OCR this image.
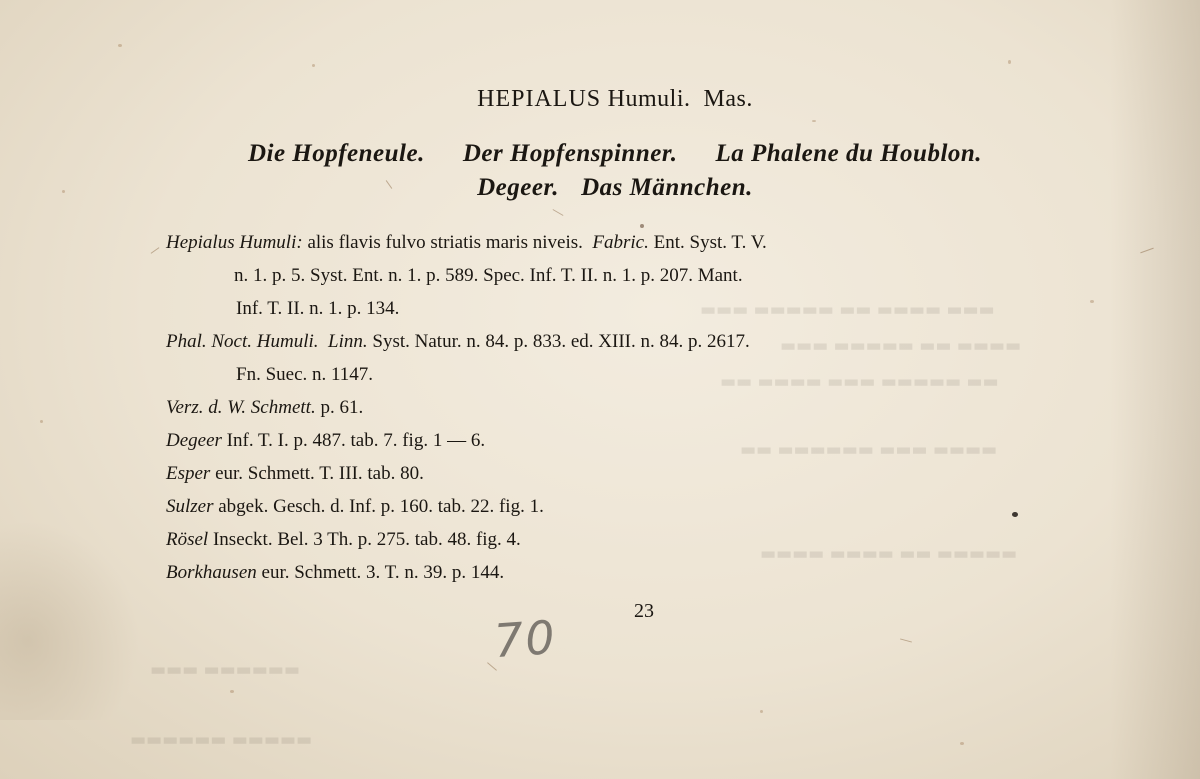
▬▬▬ ▬▬▬▬ ▬▬ ▬▬▬▬▬ ▬▬▬
▬▬▬▬ ▬▬ ▬▬▬▬▬ ▬▬▬
▬▬ ▬▬▬▬▬ ▬▬▬ ▬▬▬▬ ▬▬
▬▬▬▬ ▬▬▬ ▬▬▬▬▬▬ ▬▬
▬▬▬▬▬ ▬▬ ▬▬▬▬ ▬▬▬▬
▬▬▬▬▬▬ ▬▬▬
▬▬▬▬▬ ▬▬▬▬▬▬
HEPIALUS Humuli. Mas.
Die Hopfeneule. Der Hopfenspinner. La Phalene du Houblon.
Degeer. Das Männchen.
Hepialus Humuli: alis flavis fulvo striatis maris niveis. Fabric. Ent. Syst. T. V.
n. 1. p. 5. Syst. Ent. n. 1. p. 589. Spec. Inf. T. II. n. 1. p. 207. Mant.
Inf. T. II. n. 1. p. 134.
Phal. Noct. Humuli. Linn. Syst. Natur. n. 84. p. 833. ed. XIII. n. 84. p. 2617.
Fn. Suec. n. 1147.
Verz. d. W. Schmett. p. 61.
Degeer Inf. T. I. p. 487. tab. 7. fig. 1 — 6.
Esper eur. Schmett. T. III. tab. 80.
Sulzer abgek. Gesch. d. Inf. p. 160. tab. 22. fig. 1.
Rösel Inseckt. Bel. 3 Th. p. 275. tab. 48. fig. 4.
Borkhausen eur. Schmett. 3. T. n. 39. p. 144.
23
70
